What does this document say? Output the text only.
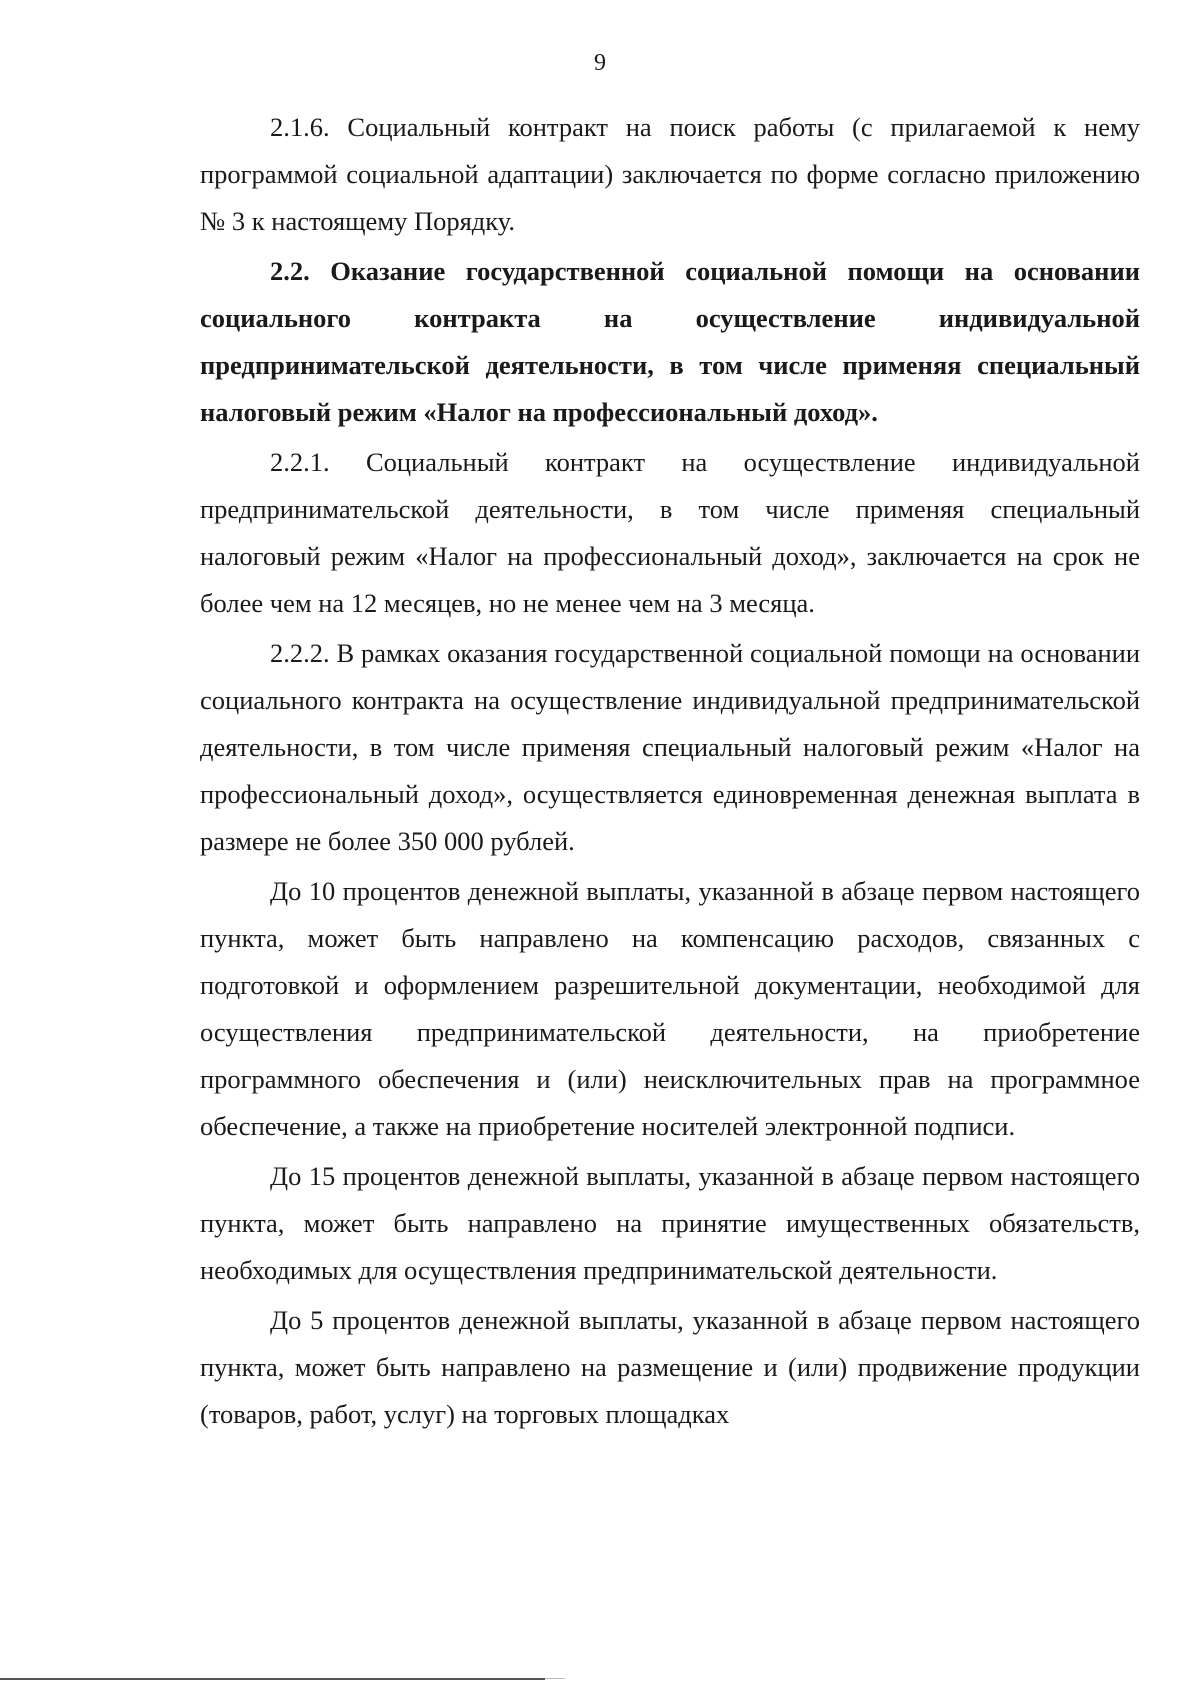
9

2.1.6. Социальный контракт на поиск работы (с прилагаемой к нему программой социальной адаптации) заключается по форме согласно приложению № 3 к настоящему Порядку.

2.2. Оказание государственной социальной помощи на основании социального контракта на осуществление индивидуальной предпринимательской деятельности, в том числе применяя специальный налоговый режим «Налог на профессиональный доход».

2.2.1. Социальный контракт на осуществление индивидуальной предпринимательской деятельности, в том числе применяя специальный налоговый режим «Налог на профессиональный доход», заключается на срок не более чем на 12 месяцев, но не менее чем на 3 месяца.

2.2.2. В рамках оказания государственной социальной помощи на основании социального контракта на осуществление индивидуальной предпринимательской деятельности, в том числе применяя специальный налоговый режим «Налог на профессиональный доход», осуществляется единовременная денежная выплата в размере не более 350 000 рублей.

До 10 процентов денежной выплаты, указанной в абзаце первом настоящего пункта, может быть направлено на компенсацию расходов, связанных с подготовкой и оформлением разрешительной документации, необходимой для осуществления предпринимательской деятельности, на приобретение программного обеспечения и (или) неисключительных прав на программное обеспечение, а также на приобретение носителей электронной подписи.

До 15 процентов денежной выплаты, указанной в абзаце первом настоящего пункта, может быть направлено на принятие имущественных обязательств, необходимых для осуществления предпринимательской деятельности.

До 5 процентов денежной выплаты, указанной в абзаце первом настоящего пункта, может быть направлено на размещение и (или) продвижение продукции (товаров, работ, услуг) на торговых площадках
